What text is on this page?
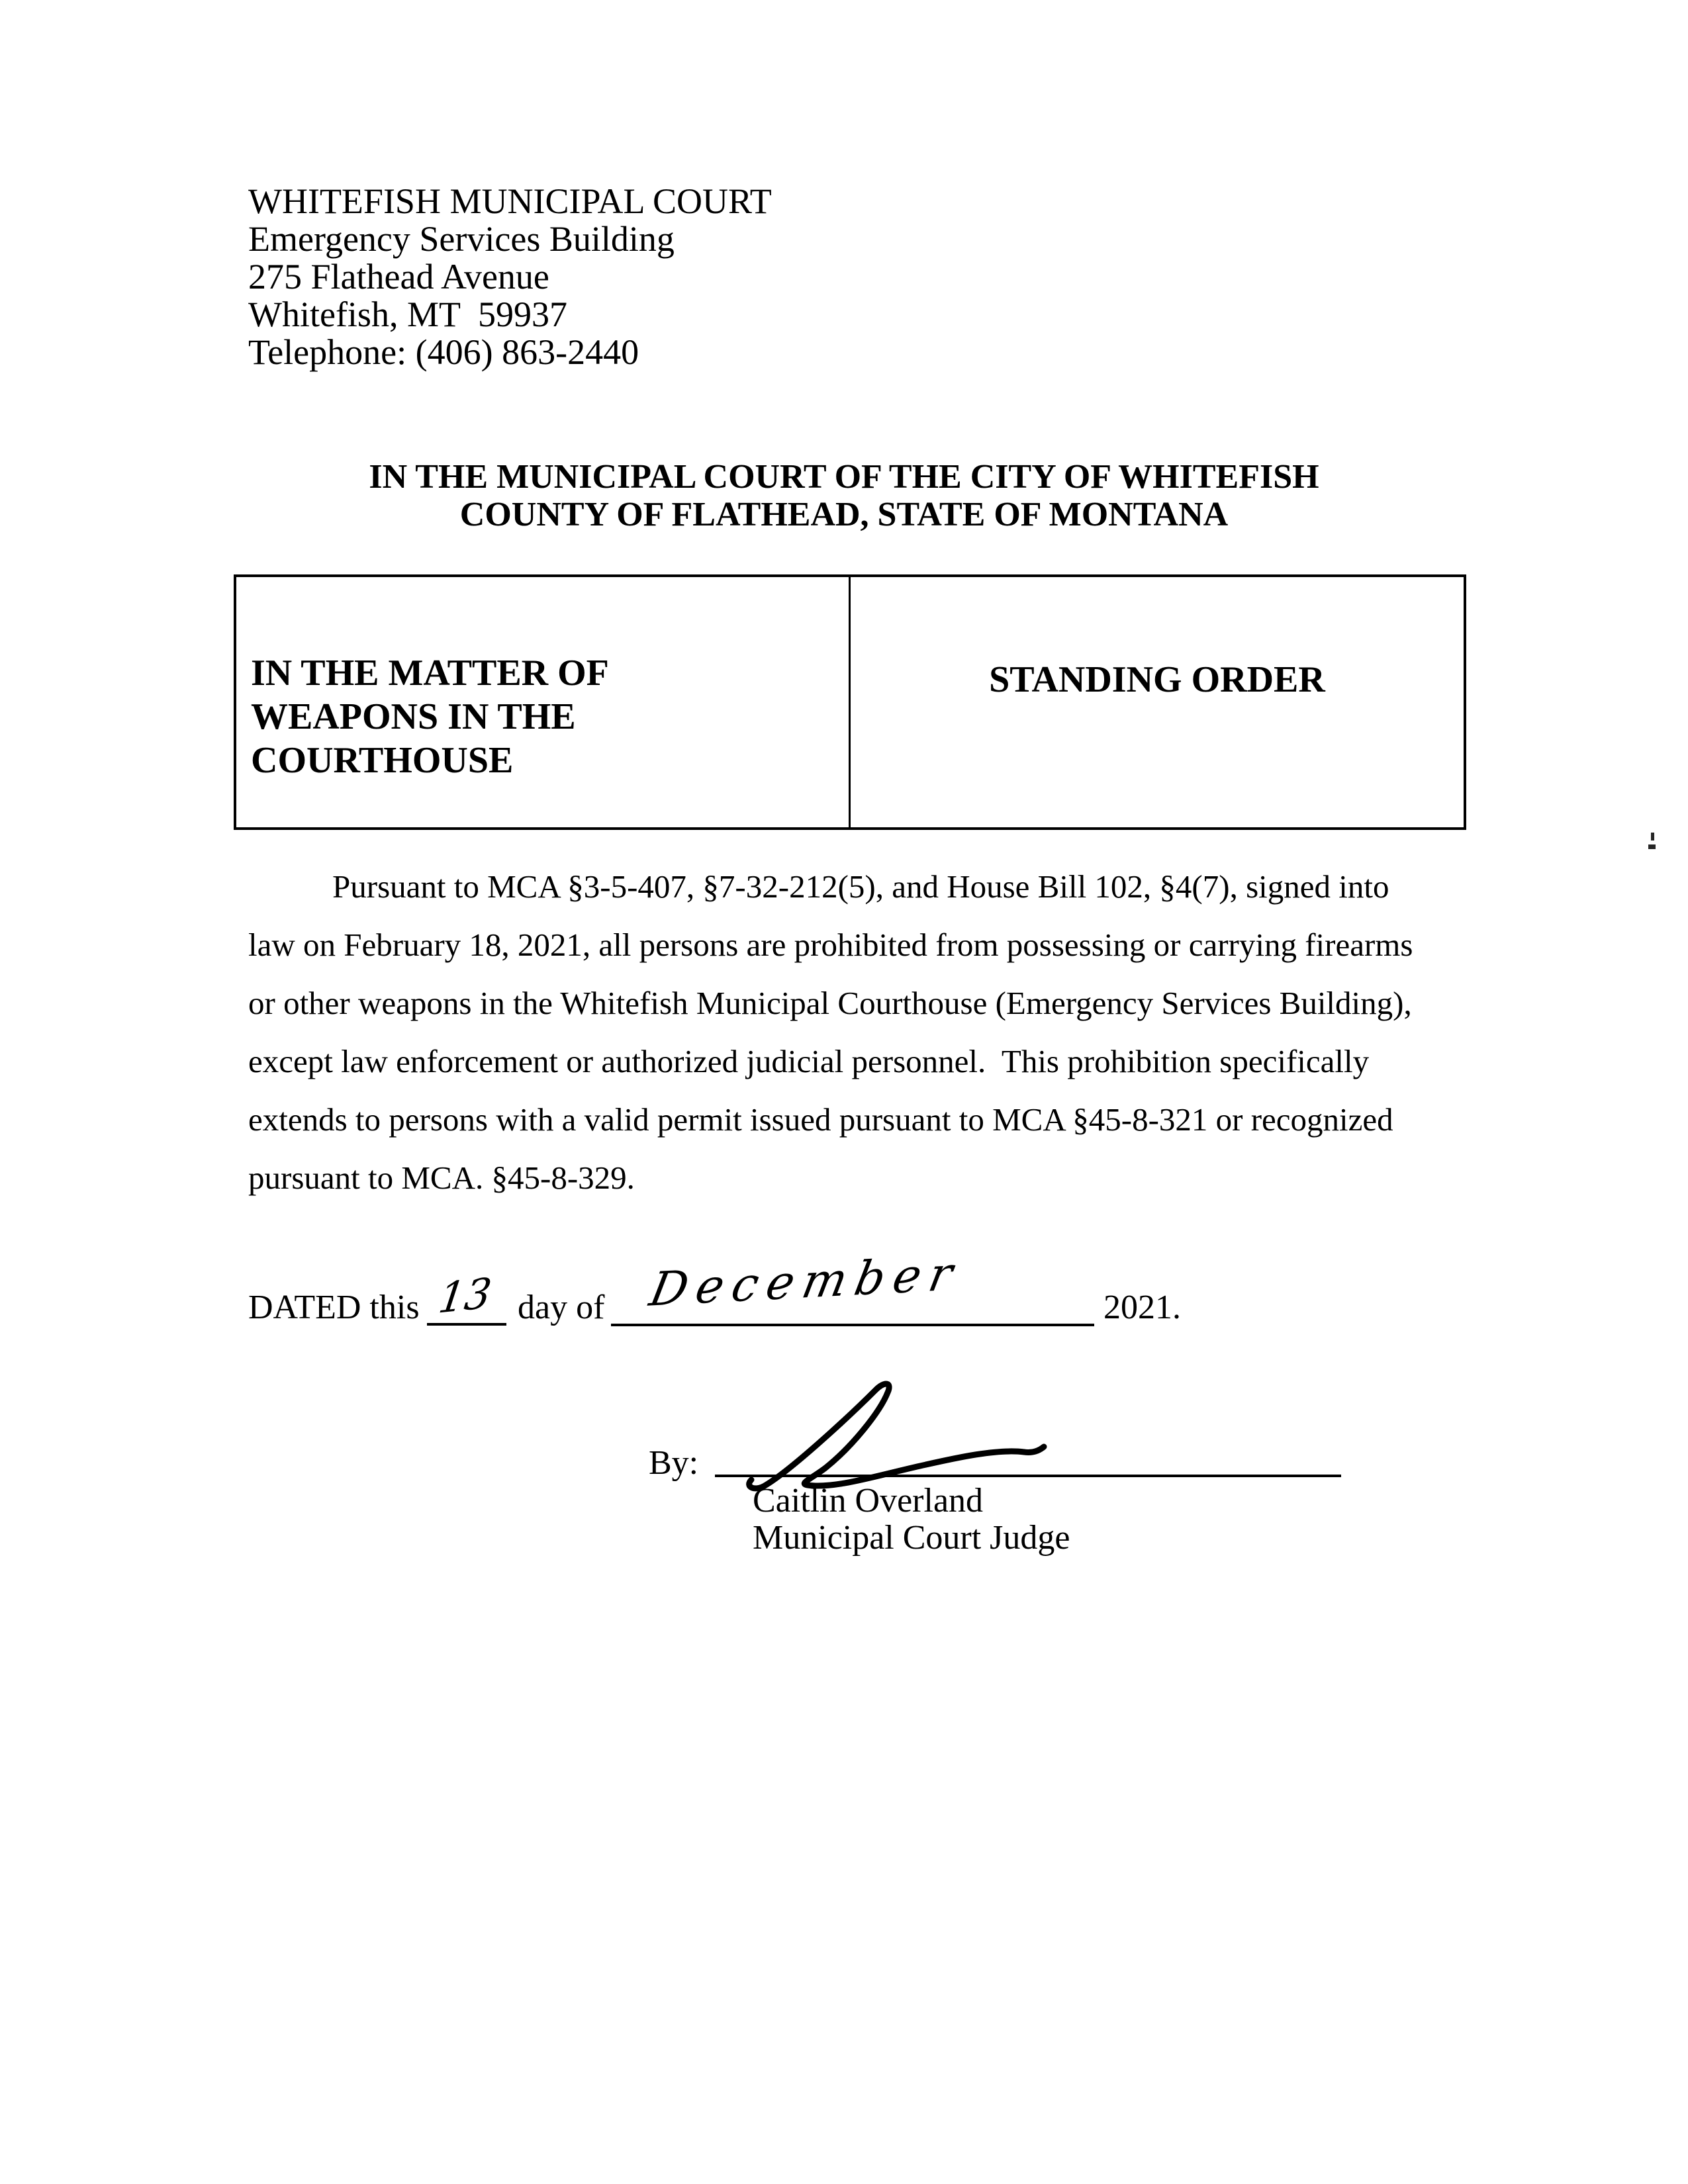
WHITEFISH MUNICIPAL COURT
Emergency Services Building
275 Flathead Avenue
Whitefish, MT  59937
Telephone: (406) 863-2440
IN THE MUNICIPAL COURT OF THE CITY OF WHITEFISH
COUNTY OF FLATHEAD, STATE OF MONTANA
IN THE MATTER OF
WEAPONS IN THE
COURTHOUSE
STANDING ORDER
Pursuant to MCA §3-5-407, §7-32-212(5), and House Bill 102, §4(7), signed into
law on February 18, 2021, all persons are prohibited from possessing or carrying firearms
or other weapons in the Whitefish Municipal Courthouse (Emergency Services Building),
except law enforcement or authorized judicial personnel.  This prohibition specifically
extends to persons with a valid permit issued pursuant to MCA §45-8-321 or recognized
pursuant to MCA. §45-8-329.
DATED this 13 day of December	2021.
By:
Caitlin Overland
Municipal Court Judge
